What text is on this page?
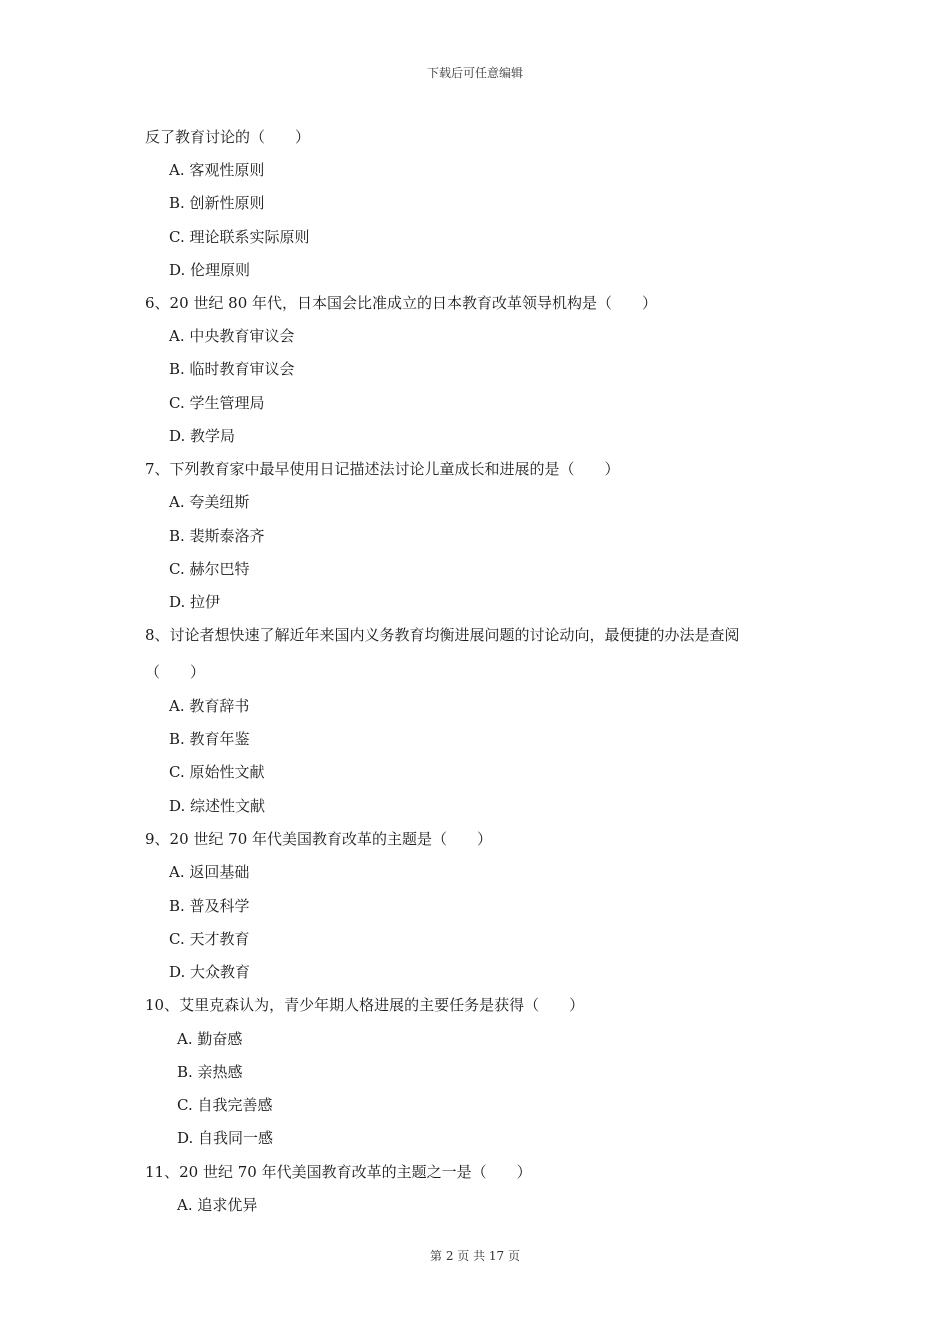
下载后可任意编辑
反了教育讨论的（　　）
A. 客观性原则
B. 创新性原则
C. 理论联系实际原则
D. 伦理原则
6、20 世纪 80 年代，日本国会比准成立的日本教育改革领导机构是（　　）
A. 中央教育审议会
B. 临时教育审议会
C. 学生管理局
D. 教学局
7、下列教育家中最早使用日记描述法讨论儿童成长和进展的是（　　）
A. 夸美纽斯
B. 裴斯泰洛齐
C. 赫尔巴特
D. 拉伊
8、讨论者想快速了解近年来国内义务教育均衡进展问题的讨论动向，最便捷的办法是查阅
（　　）
A. 教育辞书
B. 教育年鉴
C. 原始性文献
D. 综述性文献
9、20 世纪 70 年代美国教育改革的主题是（　　）
A. 返回基础
B. 普及科学
C. 天才教育
D. 大众教育
10、艾里克森认为，青少年期人格进展的主要任务是获得（　　）
A. 勤奋感
B. 亲热感
C. 自我完善感
D. 自我同一感
11、20 世纪 70 年代美国教育改革的主题之一是（　　）
A. 追求优异
第 2 页 共 17 页
